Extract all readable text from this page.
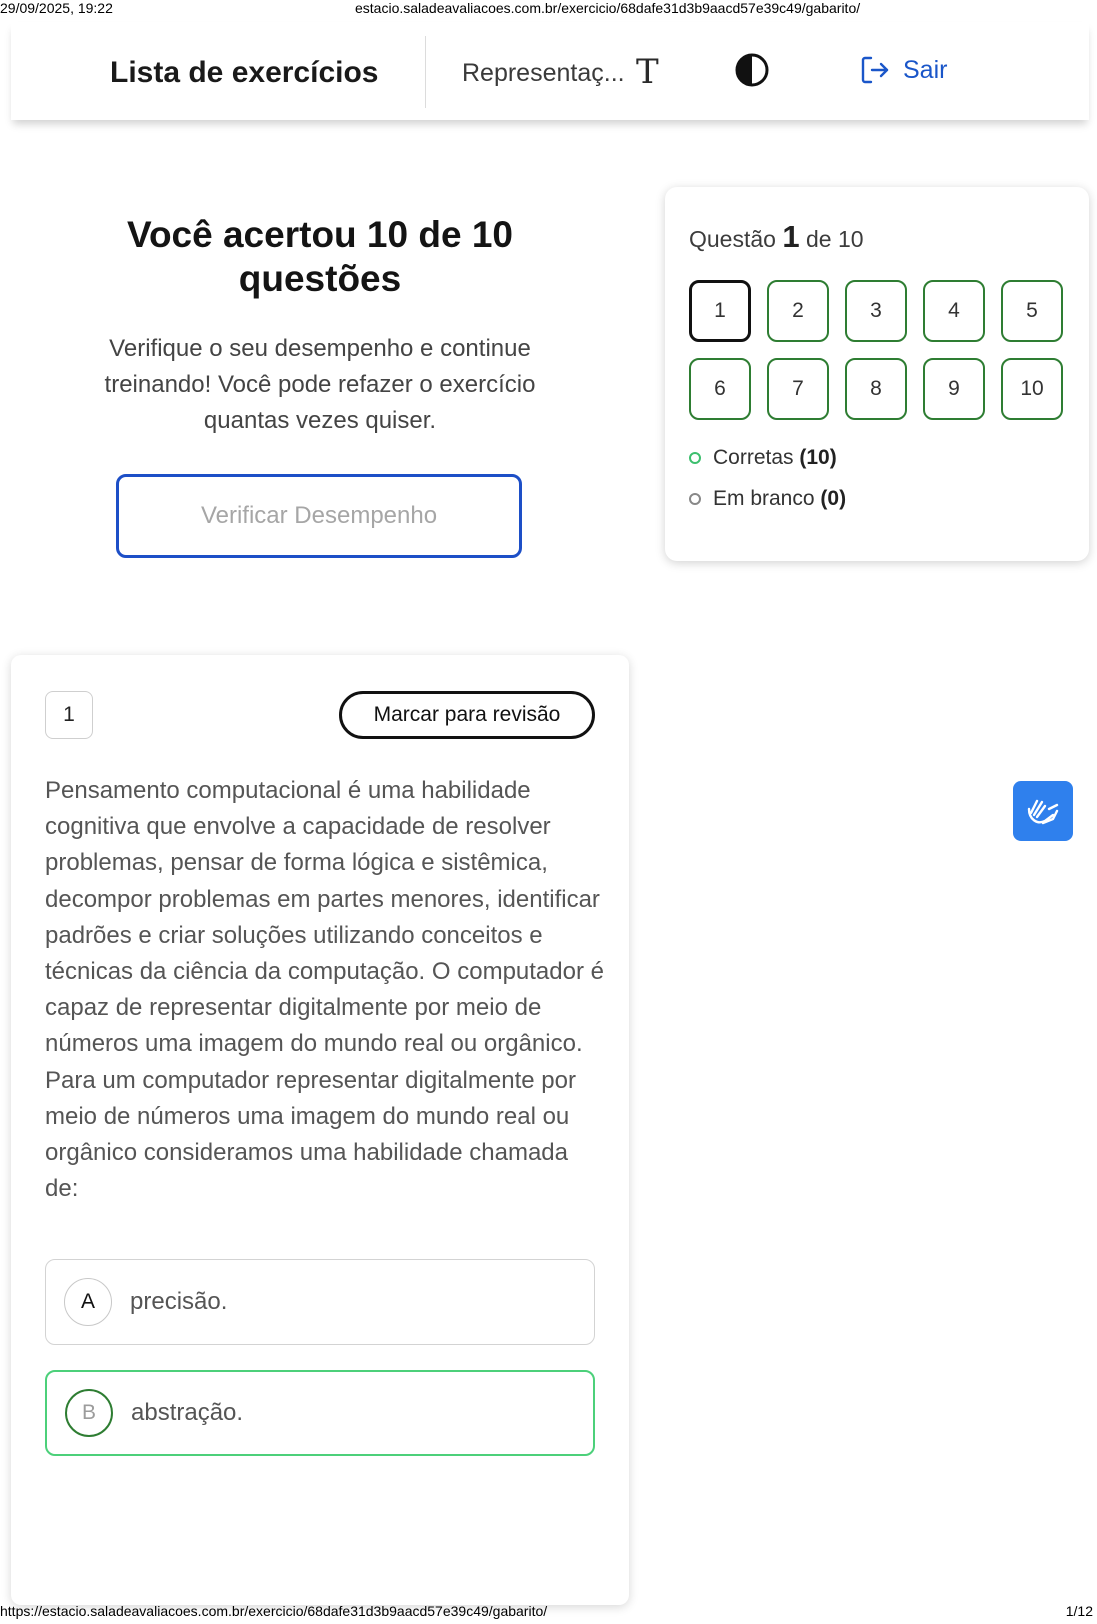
29/09/2025, 19:22	estacio.saladeavaliacoes.com.br/exercicio/68dafe31d3b9aacd57e39c49/gabarito/
Lista de exercícios	Representaç... T	Sair
Você acertou 10 de 10 questões
Verifique o seu desempenho e continue treinando! Você pode refazer o exercício quantas vezes quiser.
Verificar Desempenho
Questão 1 de 10
1	2	3	4	5
6	7	8	9	10
Corretas (10)
Em branco (0)
1	Marcar para revisão
Pensamento computacional é uma habilidade cognitiva que envolve a capacidade de resolver problemas, pensar de forma lógica e sistêmica, decompor problemas em partes menores, identificar padrões e criar soluções utilizando conceitos e técnicas da ciência da computação. O computador é capaz de representar digitalmente por meio de números uma imagem do mundo real ou orgânico. Para um computador representar digitalmente por meio de números uma imagem do mundo real ou orgânico consideramos uma habilidade chamada de:
A	precisão.
B	abstração.
https://estacio.saladeavaliacoes.com.br/exercicio/68dafe31d3b9aacd57e39c49/gabarito/	1/12
